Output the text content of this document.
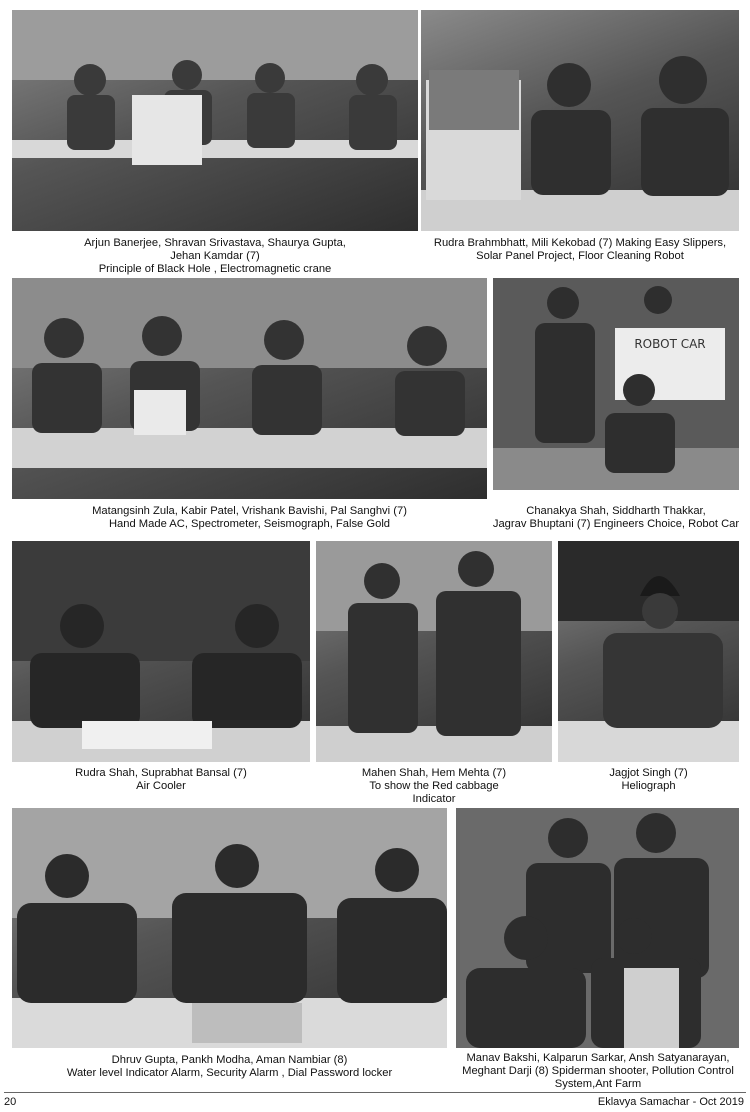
Arjun Banerjee, Shravan Srivastava, Shaurya Gupta,
Jehan Kamdar (7)
Principle of Black Hole , Electromagnetic crane
Rudra Brahmbhatt, Mili Kekobad (7) Making Easy Slippers,
Solar Panel Project, Floor Cleaning Robot
ROBOT CAR
Matangsinh Zula, Kabir Patel, Vrishank Bavishi, Pal Sanghvi (7)
Hand Made AC, Spectrometer, Seismograph, False Gold
Chanakya Shah, Siddharth Thakkar,
Jagrav Bhuptani (7) Engineers Choice, Robot Car
Rudra Shah, Suprabhat Bansal (7)
Air Cooler
Mahen Shah, Hem Mehta (7)
To show the Red cabbage
Indicator
Jagjot Singh (7)
Heliograph
Dhruv Gupta, Pankh Modha, Aman Nambiar (8)
Water level Indicator Alarm, Security Alarm , Dial Password locker
Manav Bakshi, Kalparun Sarkar, Ansh Satyanarayan,
Meghant Darji (8) Spiderman shooter, Pollution Control
System,Ant Farm
20	Eklavya Samachar - Oct 2019
